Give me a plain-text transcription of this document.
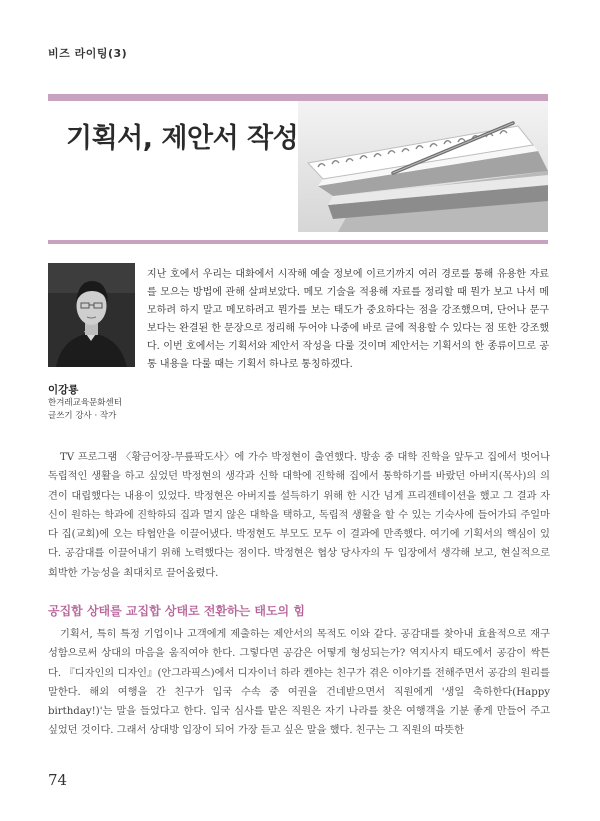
비즈 라이팅(3)
기획서, 제안서 작성
이강룡
한겨레교육문화센터
글쓰기 강사 · 작가

지난 호에서 우리는 대화에서 시작해 예술 정보에 이르기까지 여러 경로를 통해 유용한 자료를 모으는 방법에 관해 살펴보았다. 메모 기술을 적용해 자료를 정리할 때 뭔가 보고 나서 메모하려 하지 말고 메모하려고 뭔가를 보는 태도가 중요하다는 점을 강조했으며, 단어나 문구보다는 완결된 한 문장으로 정리해 두어야 나중에 바로 글에 적용할 수 있다는 점 또한 강조했다. 이번 호에서는 기획서와 제안서 작성을 다룰 것이며 제안서는 기획서의 한 종류이므로 공통 내용을 다룰 때는 기획서 하나로 통칭하겠다.

TV 프로그램 〈황금어장-무릎팍도사〉에 가수 박정현이 출연했다. 방송 중 대학 진학을 앞두고 집에서 벗어나 독립적인 생활을 하고 싶었던 박정현의 생각과 신학 대학에 진학해 집에서 통학하기를 바랐던 아버지(목사)의 의견이 대립했다는 내용이 있었다. 박정현은 아버지를 설득하기 위해 한 시간 넘게 프리젠테이션을 했고 그 결과 자신이 원하는 학과에 진학하되 집과 멀지 않은 대학을 택하고, 독립적 생활을 할 수 있는 기숙사에 들어가되 주일마다 집(교회)에 오는 타협안을 이끌어냈다. 박정현도 부모도 모두 이 결과에 만족했다. 여기에 기획서의 핵심이 있다. 공감대를 이끌어내기 위해 노력했다는 점이다. 박정현은 협상 당사자의 두 입장에서 생각해 보고, 현실적으로 희박한 가능성을 최대치로 끌어올렸다.

공집합 상태를 교집합 상태로 전환하는 태도의 힘

기획서, 특히 특정 기업이나 고객에게 제출하는 제안서의 목적도 이와 같다. 공감대를 찾아내 효율적으로 재구성함으로써 상대의 마음을 움직여야 한다. 그렇다면 공감은 어떻게 형성되는가? 역지사지 태도에서 공감이 싹튼다. 『디자인의 디자인』(안그라픽스)에서 디자이너 하라 켄야는 친구가 겪은 이야기를 전해주면서 공감의 원리를 말한다. 해외 여행을 간 친구가 입국 수속 중 여권을 건네받으면서 직원에게 '생일 축하한다(Happy birthday!)'는 말을 들었다고 한다. 입국 심사를 맡은 직원은 자기 나라를 찾은 여행객을 기분 좋게 만들어 주고 싶었던 것이다. 그래서 상대방 입장이 되어 가장 듣고 싶은 말을 했다. 친구는 그 직원의 따뜻한

74
